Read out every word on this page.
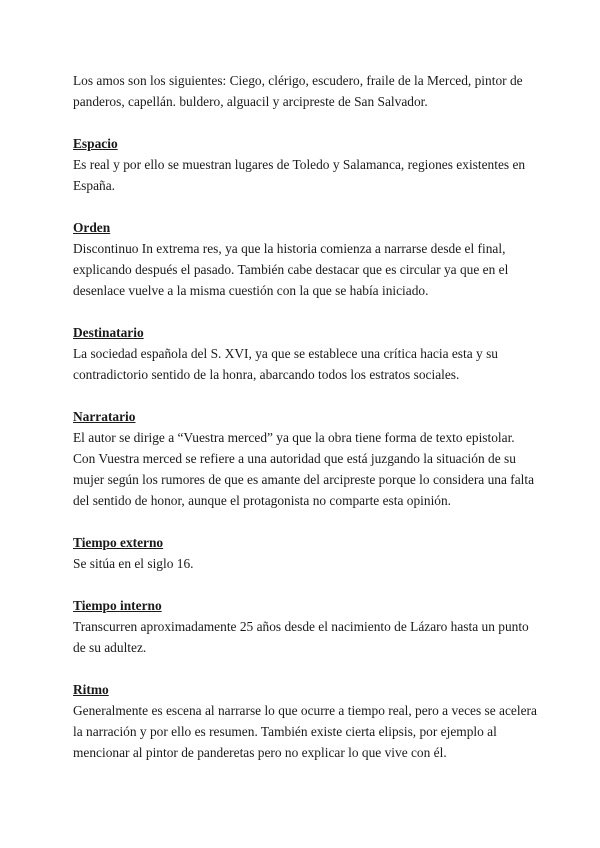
Los amos son los siguientes: Ciego, clérigo, escudero, fraile de la Merced, pintor de panderos, capellán. buldero, alguacil y arcipreste de San Salvador.

Espacio

Es real y por ello se muestran lugares de Toledo y Salamanca, regiones existentes en España.

Orden

Discontinuo In extrema res, ya que la historia comienza a narrarse desde el final, explicando después el pasado. También cabe destacar que es circular ya que en el desenlace vuelve a la misma cuestión con la que se había iniciado.

Destinatario

La sociedad española del S. XVI, ya que se establece una crítica hacia esta y su contradictorio sentido de la honra, abarcando todos los estratos sociales.

Narratario

El autor se dirige a “Vuestra merced” ya que la obra tiene forma de texto epistolar. Con Vuestra merced se refiere a una autoridad que está juzgando la situación de su mujer según los rumores de que es amante del arcipreste porque lo considera una falta del sentido de honor, aunque el protagonista no comparte esta opinión.

Tiempo externo

Se sitúa en el siglo 16.

Tiempo interno

Transcurren aproximadamente 25 años desde el nacimiento de Lázaro hasta un punto de su adultez.

Ritmo

Generalmente es escena al narrarse lo que ocurre a tiempo real, pero a veces se acelera la narración y por ello es resumen. También existe cierta elipsis, por ejemplo al mencionar al pintor de panderetas pero no explicar lo que vive con él.
